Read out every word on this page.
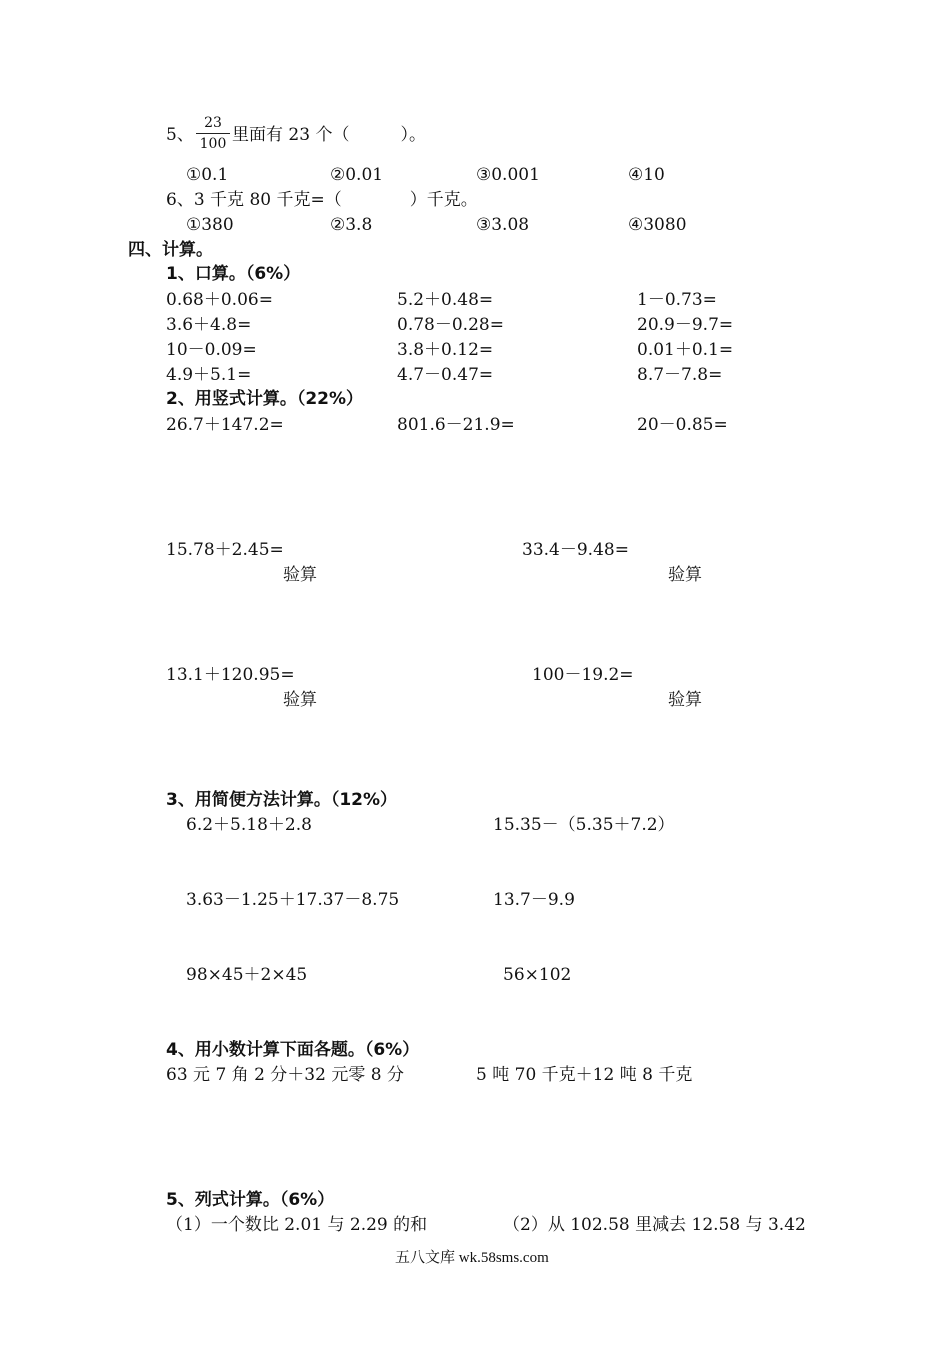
5、
23
100 里面有 23 个（　　　）。
①0.1	②0.01	③0.001	④10
6、3 千克 80 千克=（　　　　）千克。
①380	②3.8	③3.08	④3080
四、计算。
1、口算。（6%）
0.68＋0.06=	5.2＋0.48=	1－0.73=
3.6＋4.8=	0.78－0.28=	20.9－9.7=
10－0.09=	3.8＋0.12=	0.01＋0.1=
4.9＋5.1=	4.7－0.47=	8.7－7.8=
2、用竖式计算。（22%）
26.7＋147.2=	801.6－21.9=	20－0.85=
15.78＋2.45=	33.4－9.48=
验算	验算
13.1＋120.95=	100－19.2=
验算	验算
3、用简便方法计算。（12%）
6.2＋5.18＋2.8	15.35－（5.35＋7.2）
3.63－1.25＋17.37－8.75	13.7－9.9
98×45＋2×45	56×102
4、用小数计算下面各题。（6%）
63 元 7 角 2 分＋32 元零 8 分	5 吨 70 千克＋12 吨 8 千克
5、列式计算。（6%）
（1）一个数比 2.01 与 2.29 的和	（2）从 102.58 里减去 12.58 与 3.42
五八文库 wk.58sms.com
